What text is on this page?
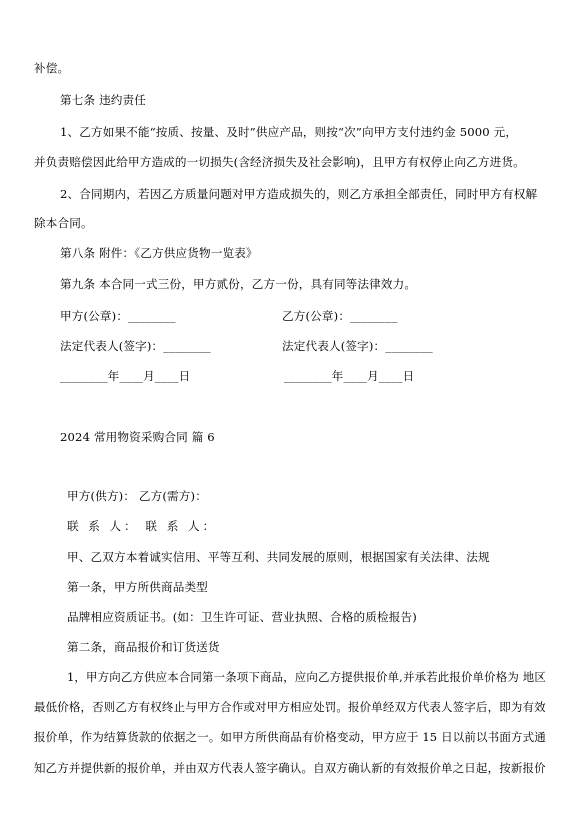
补偿。
第七条 违约责任
1、乙方如果不能“按质、按量、及时”供应产品，则按“次”向甲方支付违约金 5000 元，
并负责赔偿因此给甲方造成的一切损失(含经济损失及社会影响)，且甲方有权停止向乙方进货。
2、合同期内，若因乙方质量问题对甲方造成损失的，则乙方承担全部责任，同时甲方有权解
除本合同。
第八条 附件：《乙方供应货物一览表》
第九条 本合同一式三份，甲方贰份，乙方一份，具有同等法律效力。
甲方(公章)：________	乙方(公章)：________
法定代表人(签字)：________	法定代表人(签字)：________
________年____月____日	________年____月____日
2024 常用物资采购合同 篇 6
甲方(供方)： 乙方(需方)：
联 系 人： 联 系 人：
甲、乙双方本着诚实信用、平等互利、共同发展的原则，根据国家有关法律、法规
第一条，甲方所供商品类型
品牌相应资质证书。(如：卫生许可证、营业执照、合格的质检报告)
第二条，商品报价和订货送货
1，甲方向乙方供应本合同第一条项下商品，应向乙方提供报价单,并承若此报价单价格为 地区
最低价格，否则乙方有权终止与甲方合作或对甲方相应处罚。报价单经双方代表人签字后，即为有效
报价单，作为结算货款的依据之一。如甲方所供商品有价格变动，甲方应于 15 日以前以书面方式通
知乙方并提供新的报价单，并由双方代表人签字确认。自双方确认新的有效报价单之日起，按新报价
